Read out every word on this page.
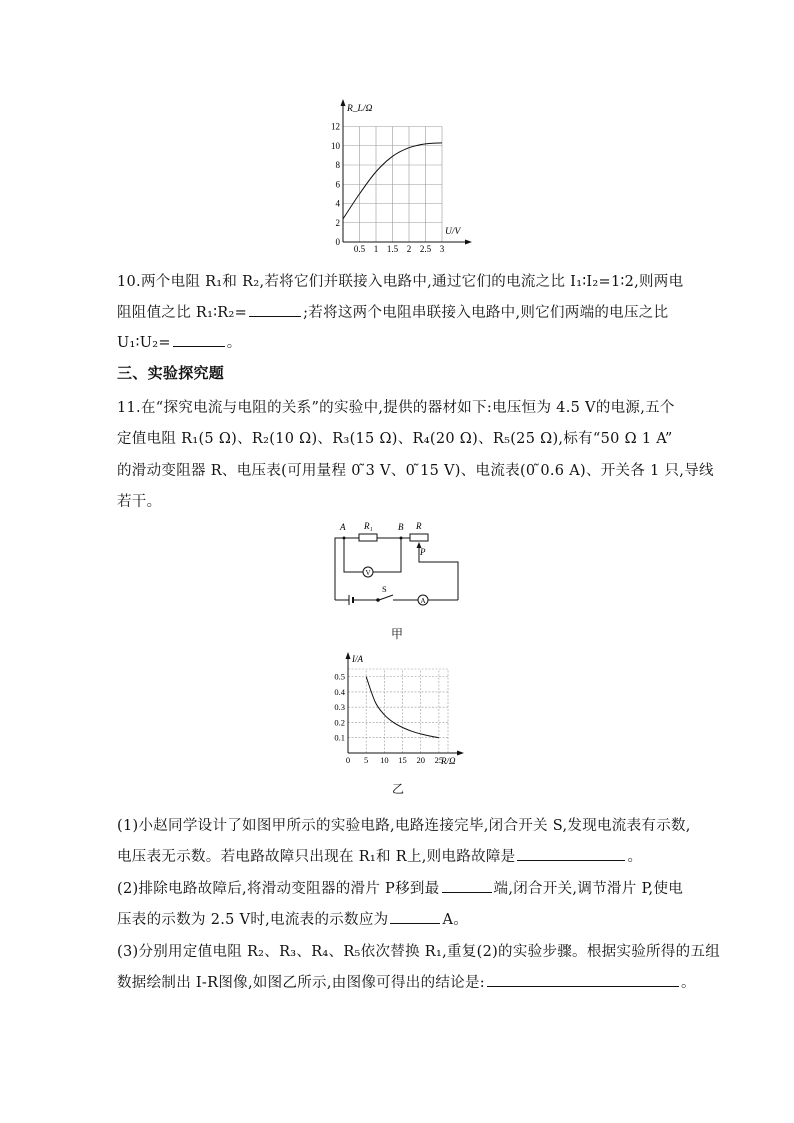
0.5 1 1.5 2 2.5 3
0
2
4
6
8
10
12
R_L/Ω
U/V
10.两个电阻 R₁和 R₂,若将它们并联接入电路中,通过它们的电流之比 I₁∶I₂=1∶2,则两电
阻阻值之比 R₁∶R₂=	;若将这两个电阻串联接入电路中,则它们两端的电压之比
U₁∶U₂=	。
三、实验探究题
11.在“探究电流与电阻的关系”的实验中,提供的器材如下:电压恒为 4.5 V的电源,五个
定值电阻 R₁(5 Ω)、R₂(10 Ω)、R₃(15 Ω)、R₄(20 Ω)、R₅(25 Ω),标有“50 Ω 1 A”
的滑动变阻器 R、电压表(可用量程 0 ̃3 V、0 ̃15 V)、电流表(0 ̃0.6 A)、开关各 1 只,导线
若干。
A R₁	B R
P
S
V
A
甲
0 5 10 15 20 25
0.1
0.2
0.3
0.4
0.5
I/A
R/Ω
乙
(1)小赵同学设计了如图甲所示的实验电路,电路连接完毕,闭合开关 S,发现电流表有示数,
电压表无示数。若电路故障只出现在 R₁和 R上,则电路故障是	。
(2)排除电路故障后,将滑动变阻器的滑片 P移到最	端,闭合开关,调节滑片 P,使电
压表的示数为 2.5 V时,电流表的示数应为	A。
(3)分别用定值电阻 R₂、R₃、R₄、R₅依次替换 R₁,重复(2)的实验步骤。根据实验所得的五组
数据绘制出 I-R图像,如图乙所示,由图像可得出的结论是:	。
